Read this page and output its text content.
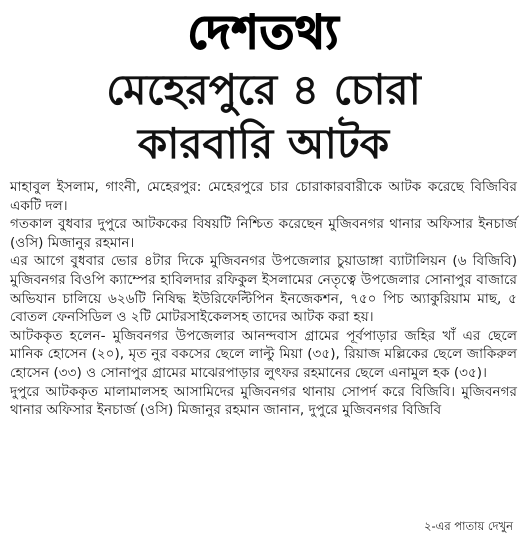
দেশতথ্য
মেহেরপুরে ৪ চোরা
কারবারি আটক

মাহাবুল ইসলাম, গাংনী, মেহেরপুর: মেহেরপুরে চার চোরাকারবারীকে আটক করেছে বিজিবির একটি দল।

গতকাল বুধবার দুপুরে আটককের বিষয়টি নিশ্চিত করেছেন মুজিবনগর থানার অফিসার ইনচার্জ (ওসি) মিজানুর রহমান।

এর আগে বুধবার ভোর ৪টার দিকে মুজিবনগর উপজেলার চুয়াডাঙ্গা ব্যাটালিয়ন (৬ বিজিবি) মুজিবনগর বিওপি ক্যাম্পের হাবিলদার রফিকুল ইসলামের নেতৃত্বে উপজেলার সোনাপুর বাজারে অভিযান চালিয়ে ৬২৬টি নিষিদ্ধ ইউরিফেল্টিপিন ইনজেকশন, ৭৫০ পিচ অ্যাকুরিয়াম মাছ, ৫ বোতল ফেনসিডিল ও ২টি মোটরসাইকেলসহ তাদের আটক করা হয়।

আটককৃত হলেন- মুজিবনগর উপজেলার আনন্দবাস গ্রামের পূর্বপাড়ার জহির খাঁ এর ছেলে মানিক হোসেন (২০), মৃত নুর বকসের ছেলে লাল্টু মিয়া (৩৫), রিয়াজ মল্লিকের ছেলে জাকিরুল হোসেন (৩৩) ও সোনাপুর গ্রামের মাঝেরপাড়ার লুৎফর রহমানের ছেলে এনামুল হক (৩৫)।

দুপুরে আটককৃত মালামালসহ আসামিদের মুজিবনগর থানায় সোপর্দ করে বিজিবি। মুজিবনগর থানার অফিসার ইনচার্জ (ওসি) মিজানুর রহমান জানান, দুপুরে মুজিবনগর বিজিবি

২-এর পাতায় দেখুন
